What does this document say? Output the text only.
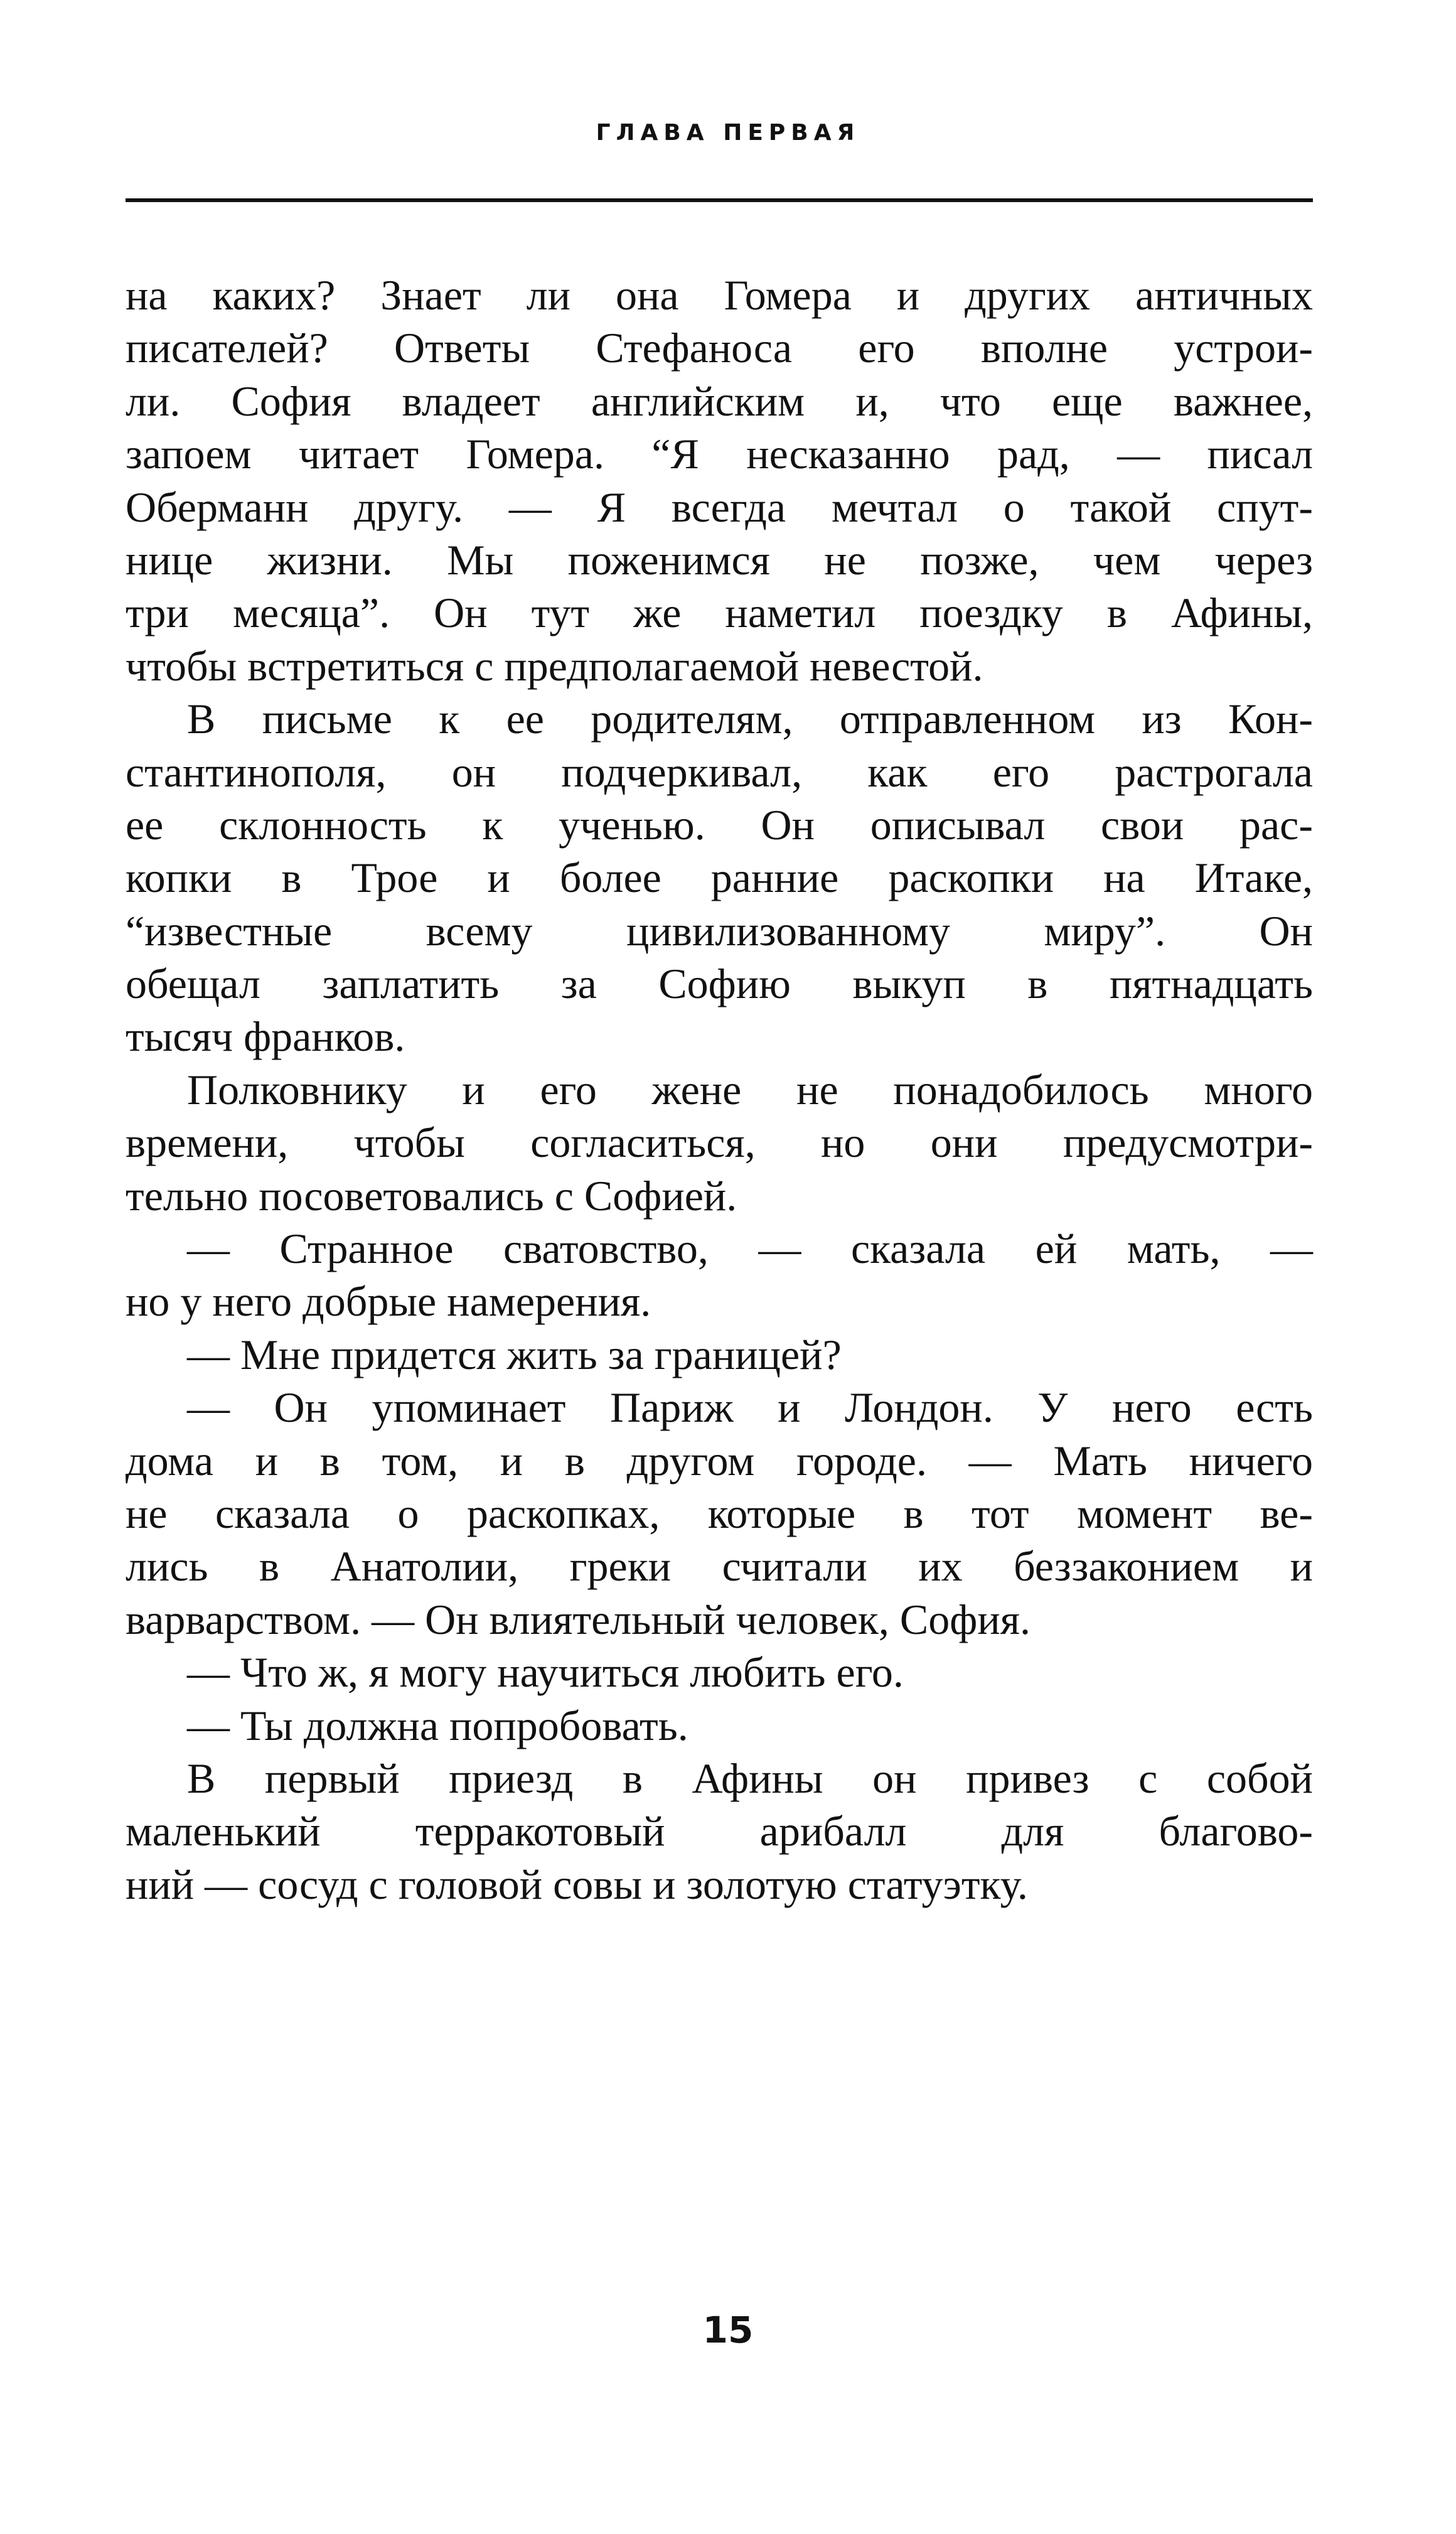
ГЛАВА ПЕРВАЯ
на каких? Знает ли она Гомера и других античных
писателей? Ответы Стефаноса его вполне устрои-
ли. София владеет английским и, что еще важнее,
запоем читает Гомера. “Я несказанно рад, — писал
Оберманн другу. — Я всегда мечтал о такой спут-
нице жизни. Мы поженимся не позже, чем через
три месяца”. Он тут же наметил поездку в Афины,
чтобы встретиться с предполагаемой невестой.
В письме к ее родителям, отправленном из Кон-
стантинополя, он подчеркивал, как его растрогала
ее склонность к ученью. Он описывал свои рас-
копки в Трое и более ранние раскопки на Итаке,
“известные всему цивилизованному миру”. Он
обещал заплатить за Софию выкуп в пятнадцать
тысяч франков.
Полковнику и его жене не понадобилось много
времени, чтобы согласиться, но они предусмотри-
тельно посоветовались с Софией.
— Странное сватовство, — сказала ей мать, —
но у него добрые намерения.
— Мне придется жить за границей?
— Он упоминает Париж и Лондон. У него есть
дома и в том, и в другом городе. — Мать ничего
не сказала о раскопках, которые в тот момент ве-
лись в Анатолии, греки считали их беззаконием и
варварством. — Он влиятельный человек, София.
— Что ж, я могу научиться любить его.
— Ты должна попробовать.
В первый приезд в Афины он привез с собой
маленький терракотовый арибалл для благово-
ний — сосуд с головой совы и золотую статуэтку.
15
